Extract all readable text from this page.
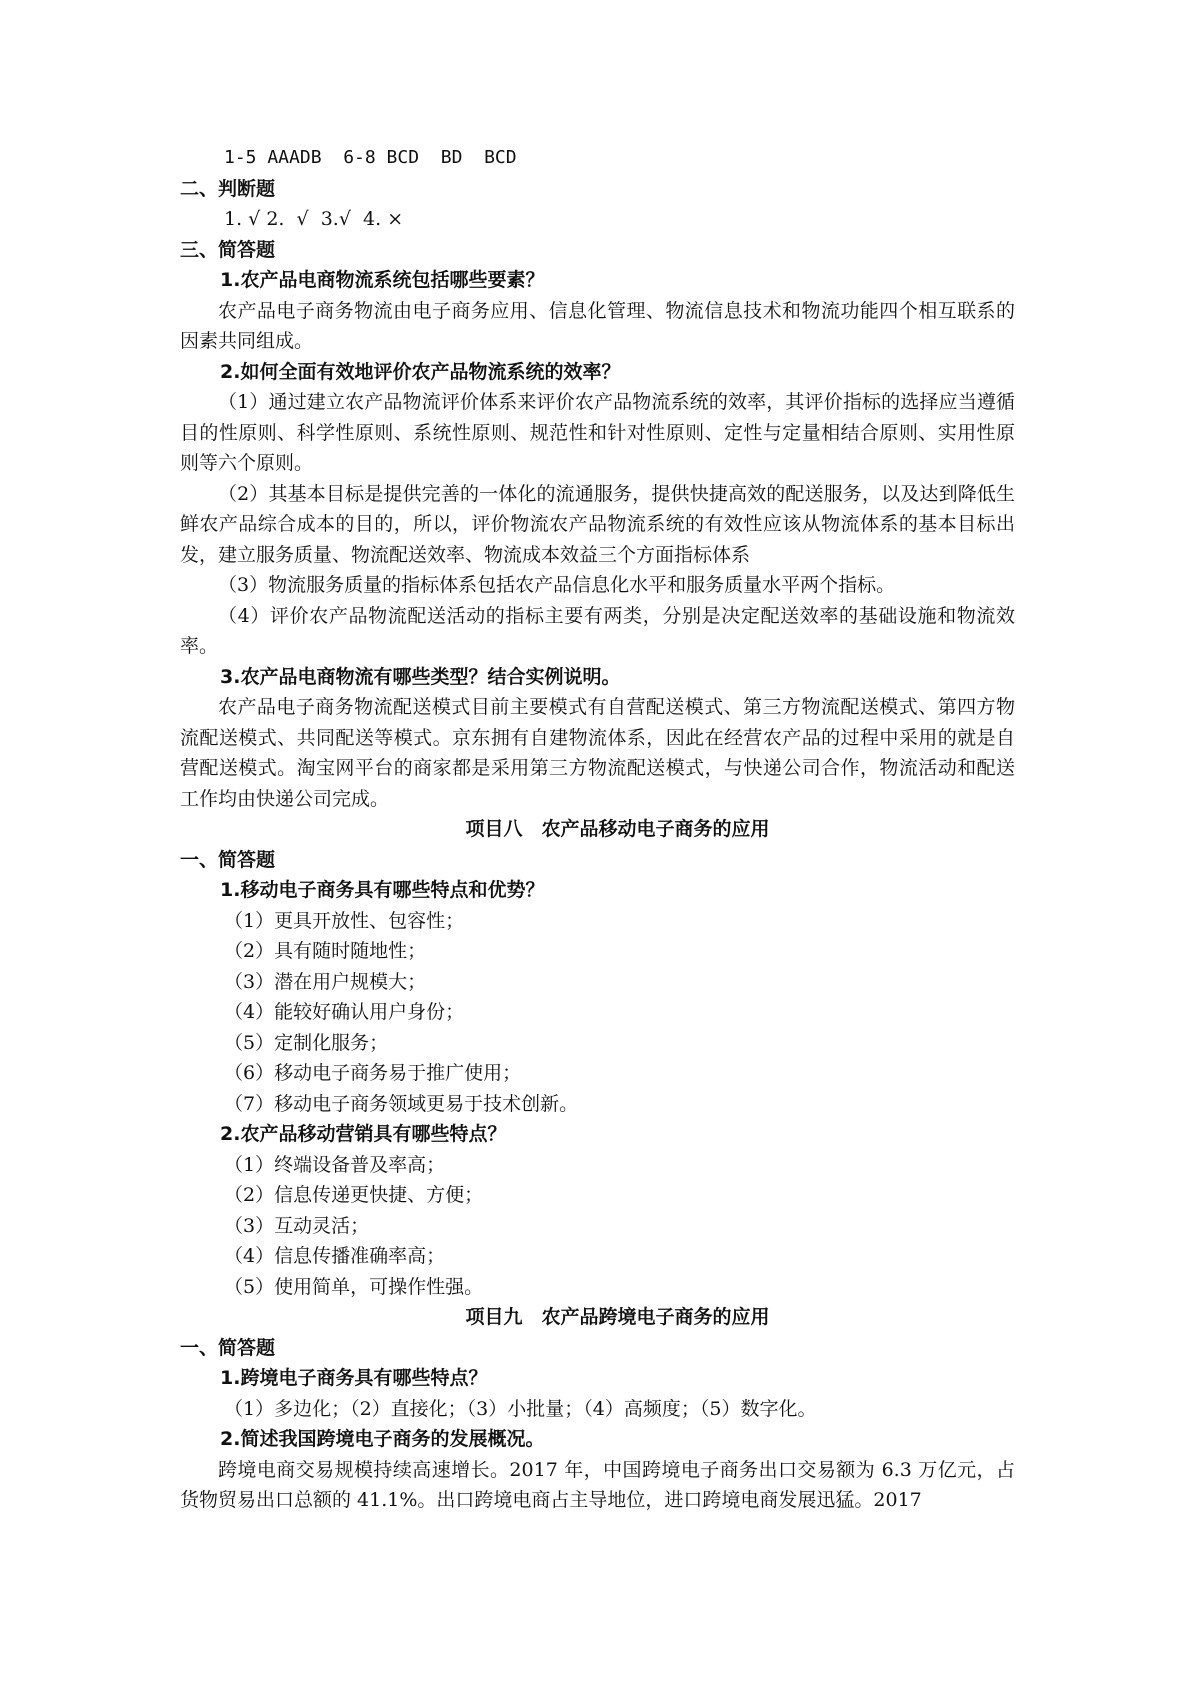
1-5 AAADB  6-8 BCD  BD  BCD
二、判断题
1. √ 2.  √  3.√  4. ×
三、简答题
1.农产品电商物流系统包括哪些要素？
农产品电子商务物流由电子商务应用、信息化管理、物流信息技术和物流功能四个相互联系的因素共同组成。
2.如何全面有效地评价农产品物流系统的效率？
（1）通过建立农产品物流评价体系来评价农产品物流系统的效率，其评价指标的选择应当遵循目的性原则、科学性原则、系统性原则、规范性和针对性原则、定性与定量相结合原则、实用性原则等六个原则。
（2）其基本目标是提供完善的一体化的流通服务，提供快捷高效的配送服务，以及达到降低生鲜农产品综合成本的目的，所以，评价物流农产品物流系统的有效性应该从物流体系的基本目标出发，建立服务质量、物流配送效率、物流成本效益三个方面指标体系
（3）物流服务质量的指标体系包括农产品信息化水平和服务质量水平两个指标。
（4）评价农产品物流配送活动的指标主要有两类，分别是决定配送效率的基础设施和物流效率。
3.农产品电商物流有哪些类型？结合实例说明。
农产品电子商务物流配送模式目前主要模式有自营配送模式、第三方物流配送模式、第四方物流配送模式、共同配送等模式。京东拥有自建物流体系，因此在经营农产品的过程中采用的就是自营配送模式。淘宝网平台的商家都是采用第三方物流配送模式，与快递公司合作，物流活动和配送工作均由快递公司完成。
项目八　农产品移动电子商务的应用
一、简答题
1.移动电子商务具有哪些特点和优势？
（1）更具开放性、包容性；
（2）具有随时随地性；
（3）潜在用户规模大；
（4）能较好确认用户身份；
（5）定制化服务；
（6）移动电子商务易于推广使用；
（7）移动电子商务领域更易于技术创新。
2.农产品移动营销具有哪些特点？
（1）终端设备普及率高；
（2）信息传递更快捷、方便；
（3）互动灵活；
（4）信息传播准确率高；
（5）使用简单，可操作性强。
项目九　农产品跨境电子商务的应用
一、简答题
1.跨境电子商务具有哪些特点？
（1）多边化；（2）直接化；（3）小批量；（4）高频度；（5）数字化。
2.简述我国跨境电子商务的发展概况。
跨境电商交易规模持续高速增长。2017 年，中国跨境电子商务出口交易额为 6.3 万亿元，占货物贸易出口总额的 41.1%。出口跨境电商占主导地位，进口跨境电商发展迅猛。2017
